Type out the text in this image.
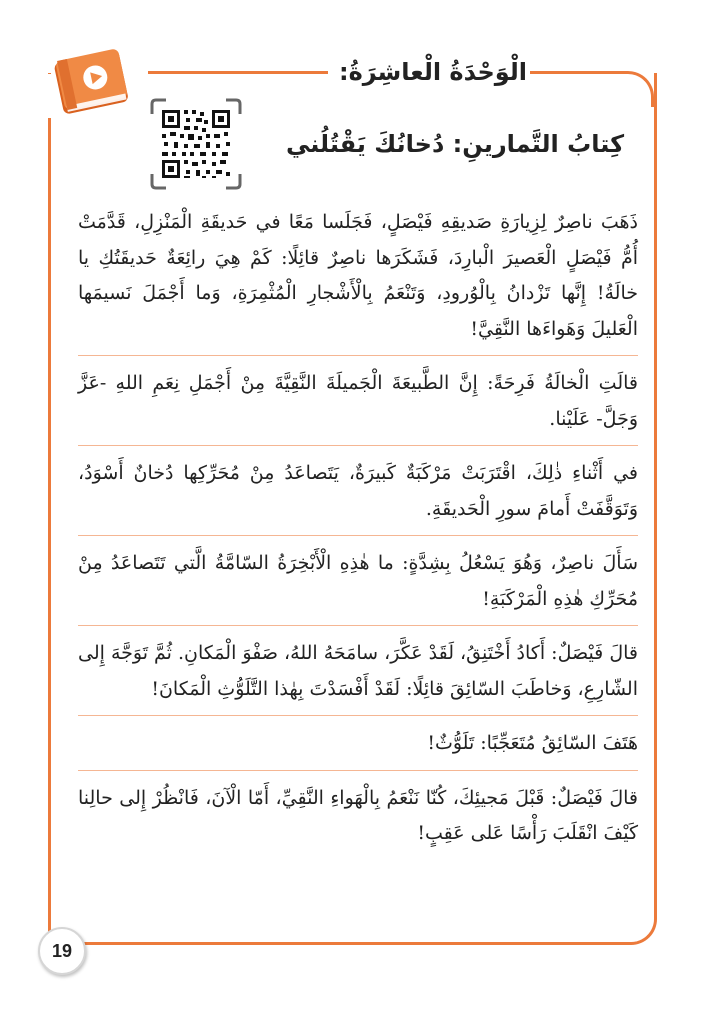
الْوَحْدَةُ الْعاشِرَةُ:
كِتابُ التَّمارينِ: دُخانُكَ يَقْتُلُني

ذَهَبَ ناصِرٌ لِزِيارَةِ صَديقِهِ فَيْصَلٍ، فَجَلَسا مَعًا في حَديقَةِ الْمَنْزِلِ، قَدَّمَتْ أُمُّ فَيْصَلٍ الْعَصيرَ الْبارِدَ، فَشَكَرَها ناصِرٌ قائِلًا: كَمْ هِيَ رائِعَةٌ حَديقَتُكِ يا خالَةُ! إِنَّها تَزْدانُ بِالْوُرودِ، وَتَنْعَمُ بِالْأَشْجارِ الْمُثْمِرَةِ، وَما أَجْمَلَ نَسيمَها الْعَليلَ وَهَواءَها النَّقِيَّ!

قالَتِ الْخالَةُ فَرِحَةً: إِنَّ الطَّبيعَةَ الْجَميلَةَ النَّقِيَّةَ مِنْ أَجْمَلِ نِعَمِ اللهِ -عَزَّ وَجَلَّ- عَلَيْنا.

في أَثْناءِ ذٰلِكَ، اقْتَرَبَتْ مَرْكَبَةٌ كَبيرَةٌ، يَتَصاعَدُ مِنْ مُحَرِّكِها دُخانٌ أَسْوَدُ، وَتَوَقَّفَتْ أَمامَ سورِ الْحَديقَةِ.

سَأَلَ ناصِرٌ، وَهُوَ يَسْعُلُ بِشِدَّةٍ: ما هٰذِهِ الْأَبْخِرَةُ السّامَّةُ الَّتي تَتَصاعَدُ مِنْ مُحَرِّكِ هٰذِهِ الْمَرْكَبَةِ!

قالَ فَيْصَلٌ: أَكادُ أَخْتَنِقُ، لَقَدْ عَكَّرَ، سامَحَهُ اللهُ، صَفْوَ الْمَكانِ. ثُمَّ تَوَجَّهَ إِلى الشّارِعِ، وَخاطَبَ السّائِقَ قائِلًا: لَقَدْ أَفْسَدْتَ بِهٰذا التَّلَوُّثِ الْمَكانَ!

هَتَفَ السّائِقُ مُتَعَجِّبًا: تَلَوُّثٌ!

قالَ فَيْصَلٌ: قَبْلَ مَجيئِكَ، كُنّا نَنْعَمُ بِالْهَواءِ النَّقِيِّ، أَمّا الْآنَ، فَانْظُرْ إِلى حالِنا كَيْفَ انْقَلَبَ رَأْسًا عَلى عَقِبٍ!

19
